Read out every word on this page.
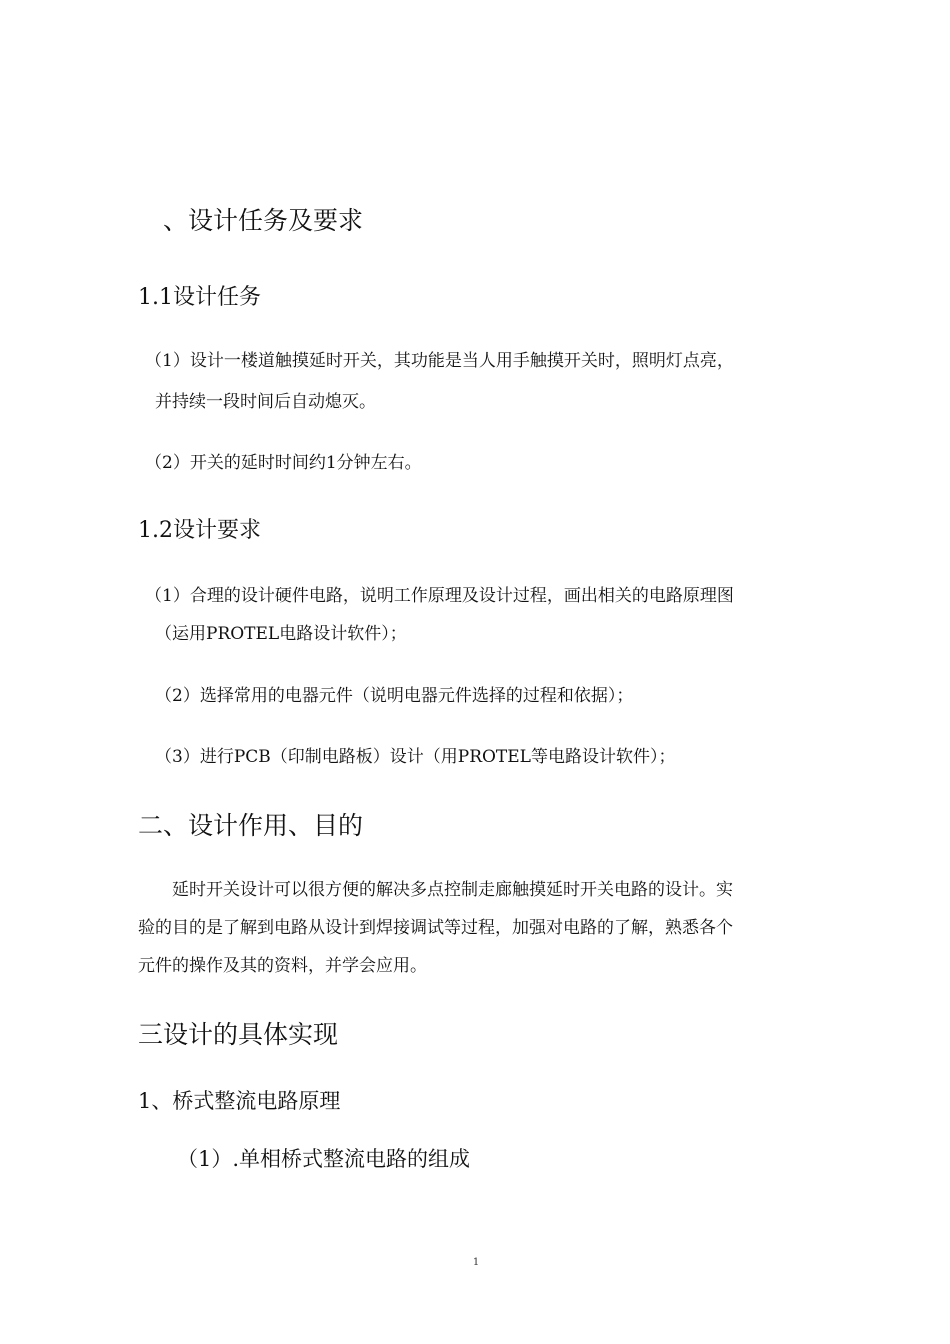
、设计任务及要求
1.1设计任务
（1）设计一楼道触摸延时开关，其功能是当人用手触摸开关时，照明灯点亮，
并持续一段时间后自动熄灭。
（2）开关的延时时间约1分钟左右。
1.2设计要求
（1）合理的设计硬件电路，说明工作原理及设计过程，画出相关的电路原理图
（运用PROTEL电路设计软件）；
（2）选择常用的电器元件（说明电器元件选择的过程和依据）；
（3）进行PCB（印制电路板）设计（用PROTEL等电路设计软件）；
二、设计作用、目的
延时开关设计可以很方便的解决多点控制走廊触摸延时开关电路的设计。实
验的目的是了解到电路从设计到焊接调试等过程，加强对电路的了解，熟悉各个
元件的操作及其的资料，并学会应用。
三设计的具体实现
1、桥式整流电路原理
（1）.单相桥式整流电路的组成
1
